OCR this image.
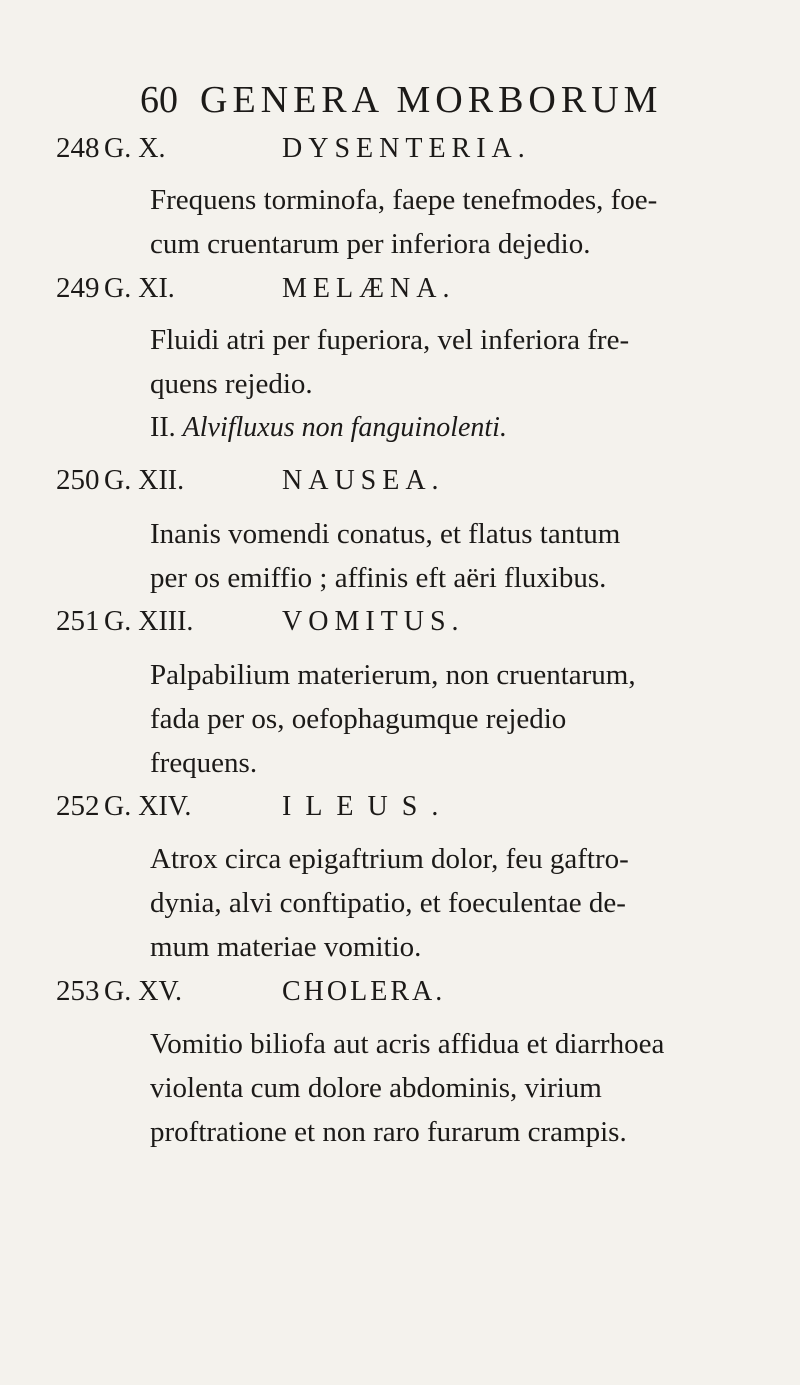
60 GENERA MORBORUM
248 G. X.	DYSENTERIA.
Frequens torminofa, faepe tenefmodes, foe-
cum cruentarum per inferiora dejeԁio.
249 G. XI.	MELÆNA.
Fluidi atri per fuperiora, vel inferiora fre-
quens rejeԁio.
II. Alvifluxus non fanguinolenti.
250 G. XII.	NAUSEA.
Inanis vomendi conatus, et flatus tantum
per os emiffio ; affinis eft aëri fluxibus.
251 G. XIII.	VOMITUS.
Palpabilium materierum, non cruentarum,
faԁa per os, oefophagumque rejeԁio
frequens.
252 G. XIV.	ILEUS.
Atrox circa epigaftrium dolor, feu gaftro-
dynia, alvi conftipatio, et foeculentae de-
mum materiae vomitio.
253 G. XV.	CHOLERA.
Vomitio biliofa aut acris affidua et diarrhoea
violenta cum dolore abdominis, virium
proftratione et non raro furarum crampis.
